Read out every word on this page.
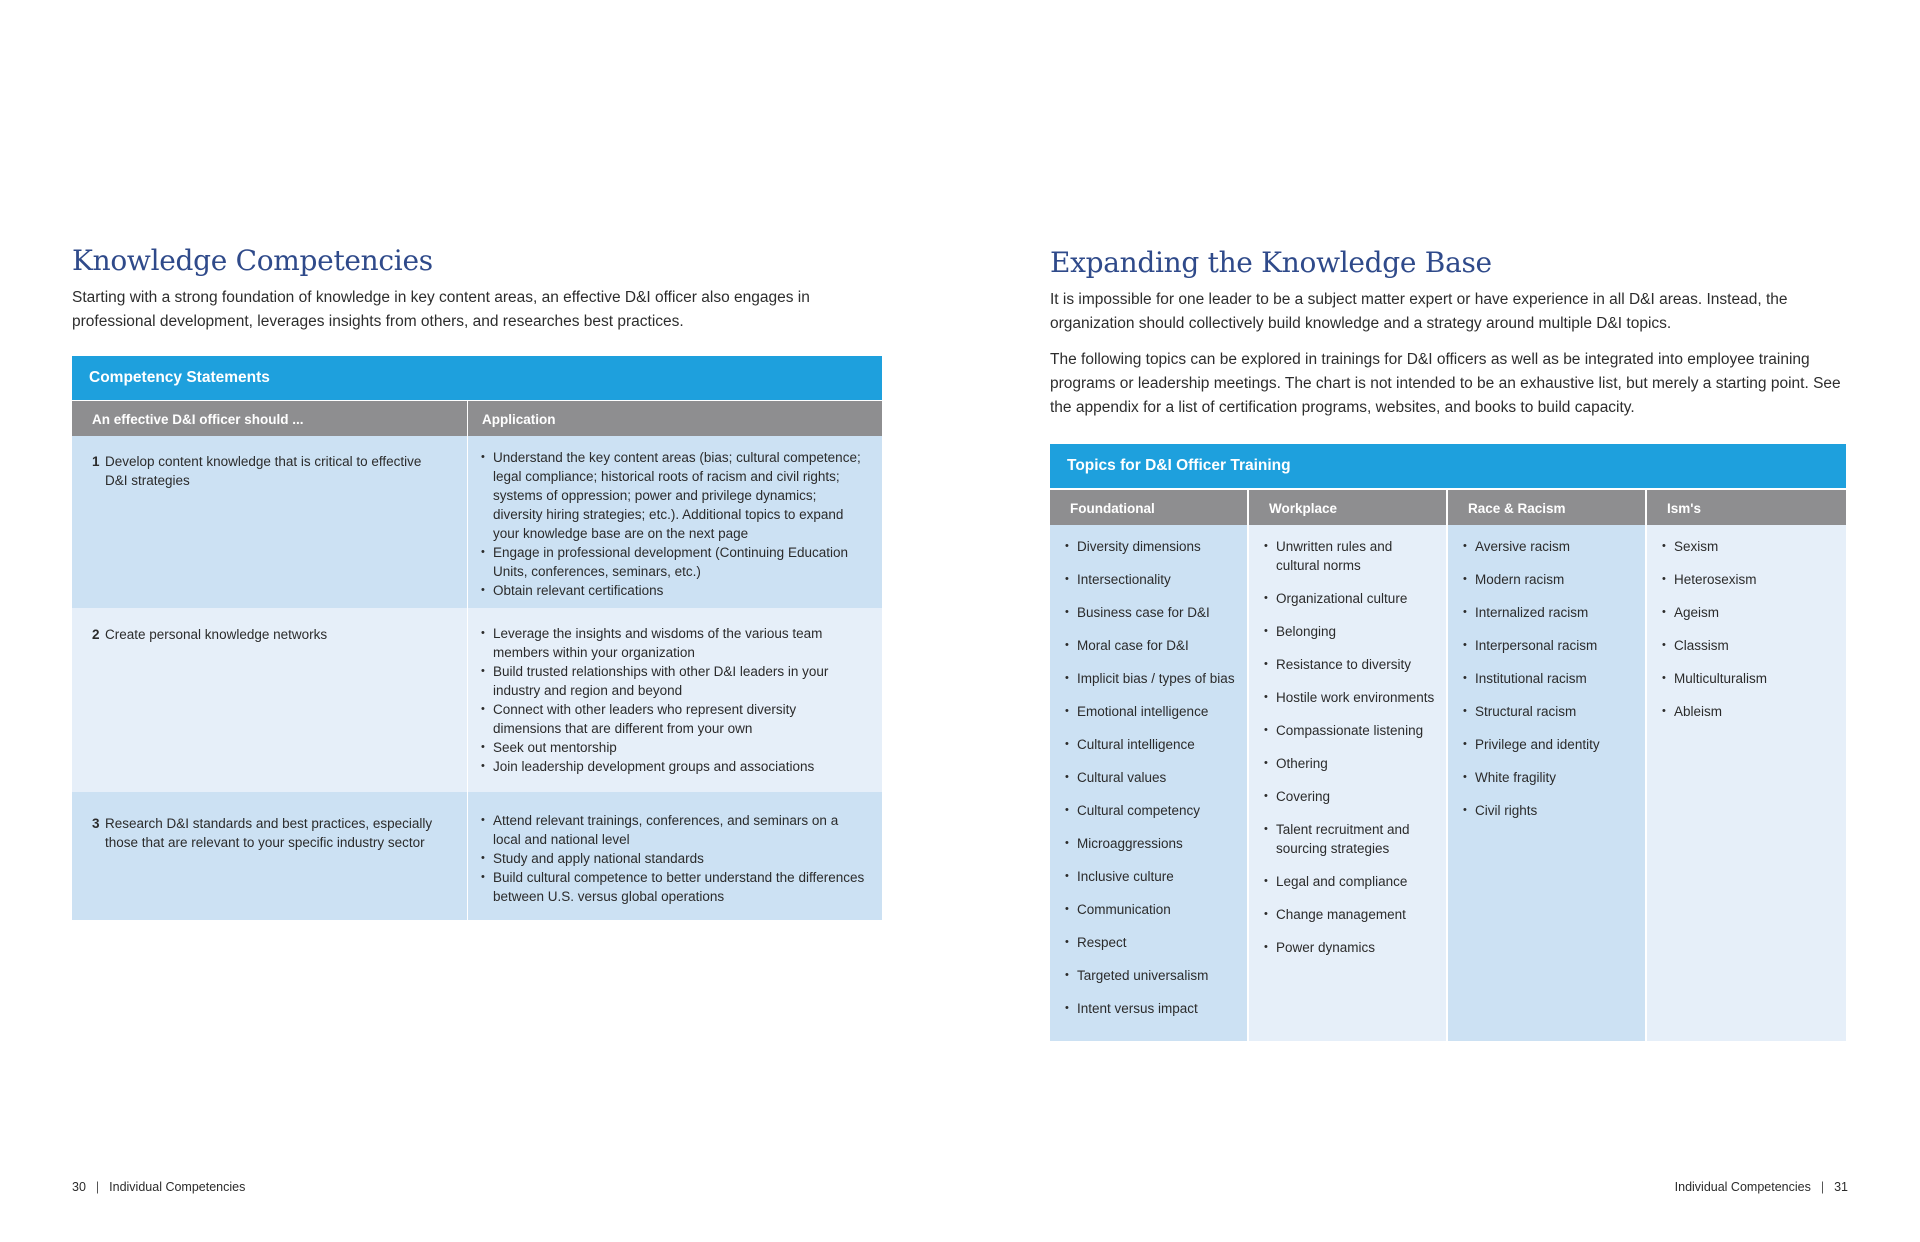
Knowledge Competencies

Starting with a strong foundation of knowledge in key content areas, an effective D&I officer also engages in professional development, leverages insights from others, and researches best practices.

Competency Statements
An effective D&I officer should ...	Application
1 Develop content knowledge that is critical to effective D&I strategies
• Understand the key content areas (bias; cultural competence; legal compliance; historical roots of racism and civil rights; systems of oppression; power and privilege dynamics; diversity hiring strategies; etc.). Additional topics to expand your knowledge base are on the next page
• Engage in professional development (Continuing Education Units, conferences, seminars, etc.)
• Obtain relevant certifications
2 Create personal knowledge networks
•	Leverage the insights and wisdoms of the various team members within your organization
• Build trusted relationships with other D&I leaders in your industry and region and beyond
• Connect with other leaders who represent diversity dimensions that are different from your own
• Seek out mentorship
• Join leadership development groups and associations
3 Research D&I standards and best practices, especially those that are relevant to your specific industry sector
• Attend relevant trainings, conferences, and seminars on a local and national level
• Study and apply national standards
• Build cultural competence to better understand the differences between U.S. versus global operations
30 | Individual Competencies
Expanding the Knowledge Base

It is impossible for one leader to be a subject matter expert or have experience in all D&I areas. Instead, the organization should collectively build knowledge and a strategy around multiple D&I topics.

The following topics can be explored in trainings for D&I officers as well as be integrated into employee training programs or leadership meetings. The chart is not intended to be an exhaustive list, but merely a starting point. See the appendix for a list of certification programs, websites, and books to build capacity.

Topics for D&I Officer Training
Foundational	Workplace	Race & Racism	Ism's
• Diversity dimensions
• Intersectionality
• Business case for D&I
• Moral case for D&I
• Implicit bias / types of bias
• Emotional intelligence
• Cultural intelligence
• Cultural values
• Cultural competency
• Microaggressions
• Inclusive culture
• Communication
• Respect
• Targeted universalism
• Intent versus impact
• Unwritten rules and cultural norms
• Organizational culture
• Belonging
• Resistance to diversity
• Hostile work environments
• Compassionate listening
• Othering
• Covering
• Talent recruitment and sourcing strategies
• Legal and compliance
• Change management
• Power dynamics
• Aversive racism
• Modern racism
• Internalized racism
• Interpersonal racism
• Institutional racism
• Structural racism
• Privilege and identity
• White fragility
• Civil rights
• Sexism
• Heterosexism
• Ageism
• Classism
• Multiculturalism
• Ableism
Individual Competencies | 31
